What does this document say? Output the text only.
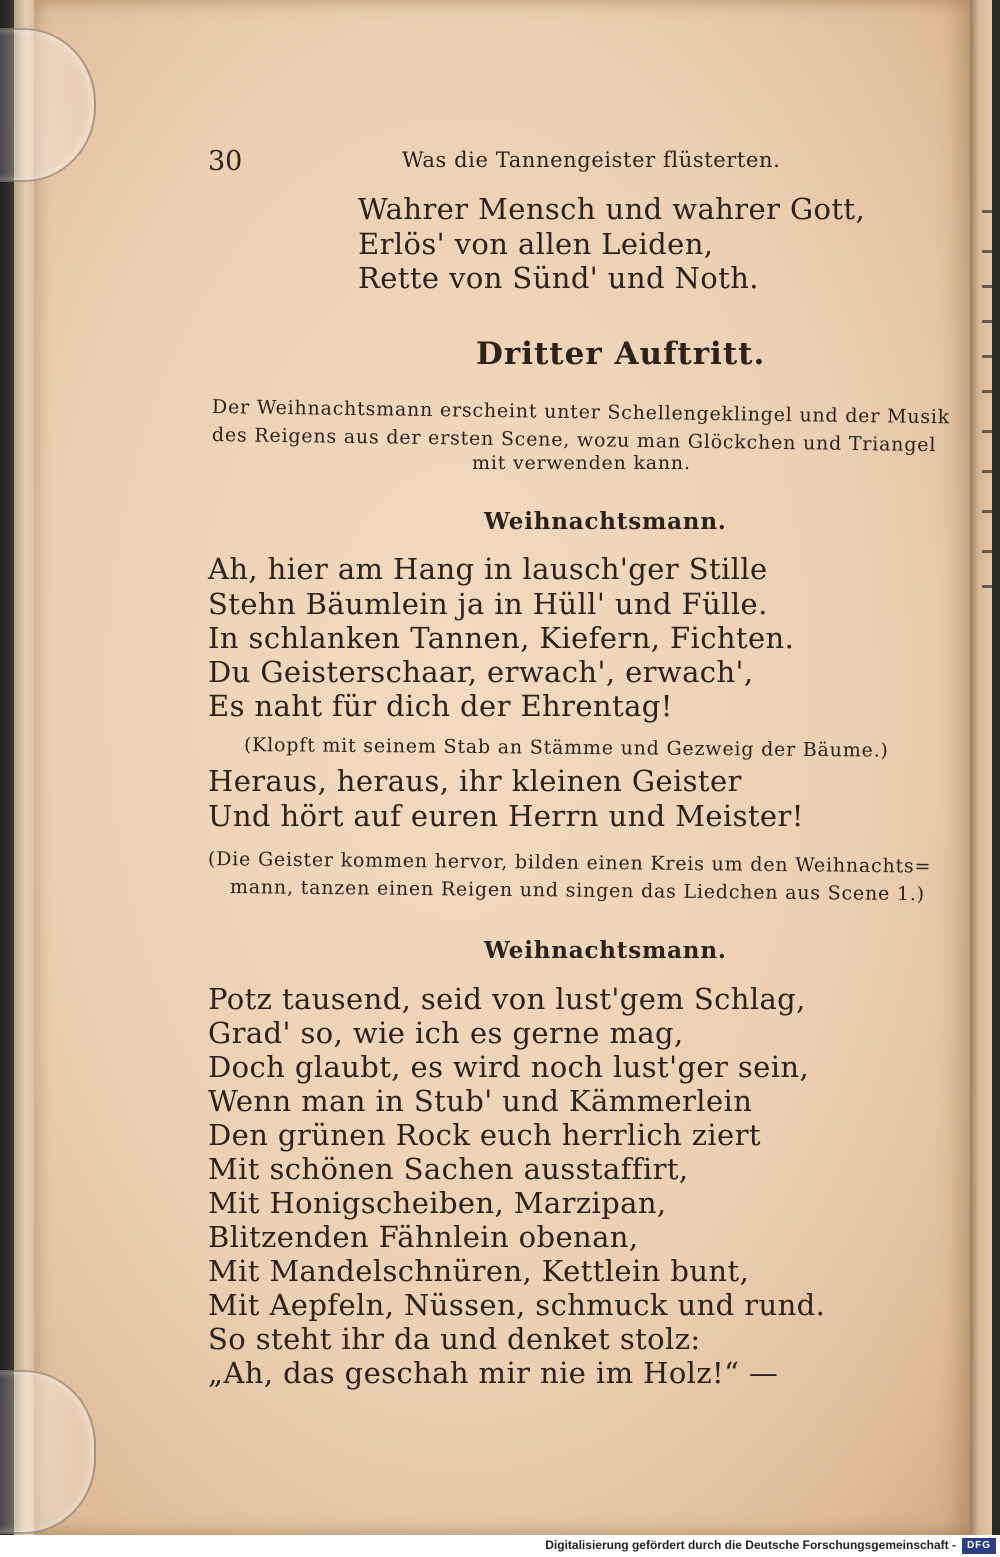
30	Was die Tannengeister flüsterten.

Wahrer Mensch und wahrer Gott,

Erlös' von allen Leiden,

Rette von Sünd' und Noth.

Dritter Auftritt.

Der Weihnachtsmann erscheint unter Schellengeklingel und der Musik

des Reigens aus der ersten Scene, wozu man Glöckchen und Triangel

mit verwenden kann.

Weihnachtsmann.

Ah, hier am Hang in lausch'ger Stille

Stehn Bäumlein ja in Hüll' und Fülle.

In schlanken Tannen, Kiefern, Fichten.

Du Geisterschaar, erwach', erwach',

Es naht für dich der Ehrentag!

(Klopft mit seinem Stab an Stämme und Gezweig der Bäume.)

Heraus, heraus, ihr kleinen Geister

Und hört auf euren Herrn und Meister!

(Die Geister kommen hervor, bilden einen Kreis um den Weihnachts=

mann, tanzen einen Reigen und singen das Liedchen aus Scene 1.)

Weihnachtsmann.

Potz tausend, seid von lust'gem Schlag,

Grad' so, wie ich es gerne mag,

Doch glaubt, es wird noch lust'ger sein,

Wenn man in Stub' und Kämmerlein

Den grünen Rock euch herrlich ziert

Mit schönen Sachen ausstaffirt,

Mit Honigscheiben, Marzipan,

Blitzenden Fähnlein obenan,

Mit Mandelschnüren, Kettlein bunt,

Mit Aepfeln, Nüssen, schmuck und rund.

So steht ihr da und denket stolz:

„Ah, das geschah mir nie im Holz!“ —

Digitalisierung gefördert durch die Deutsche Forschungsgemeinschaft -	DFG
